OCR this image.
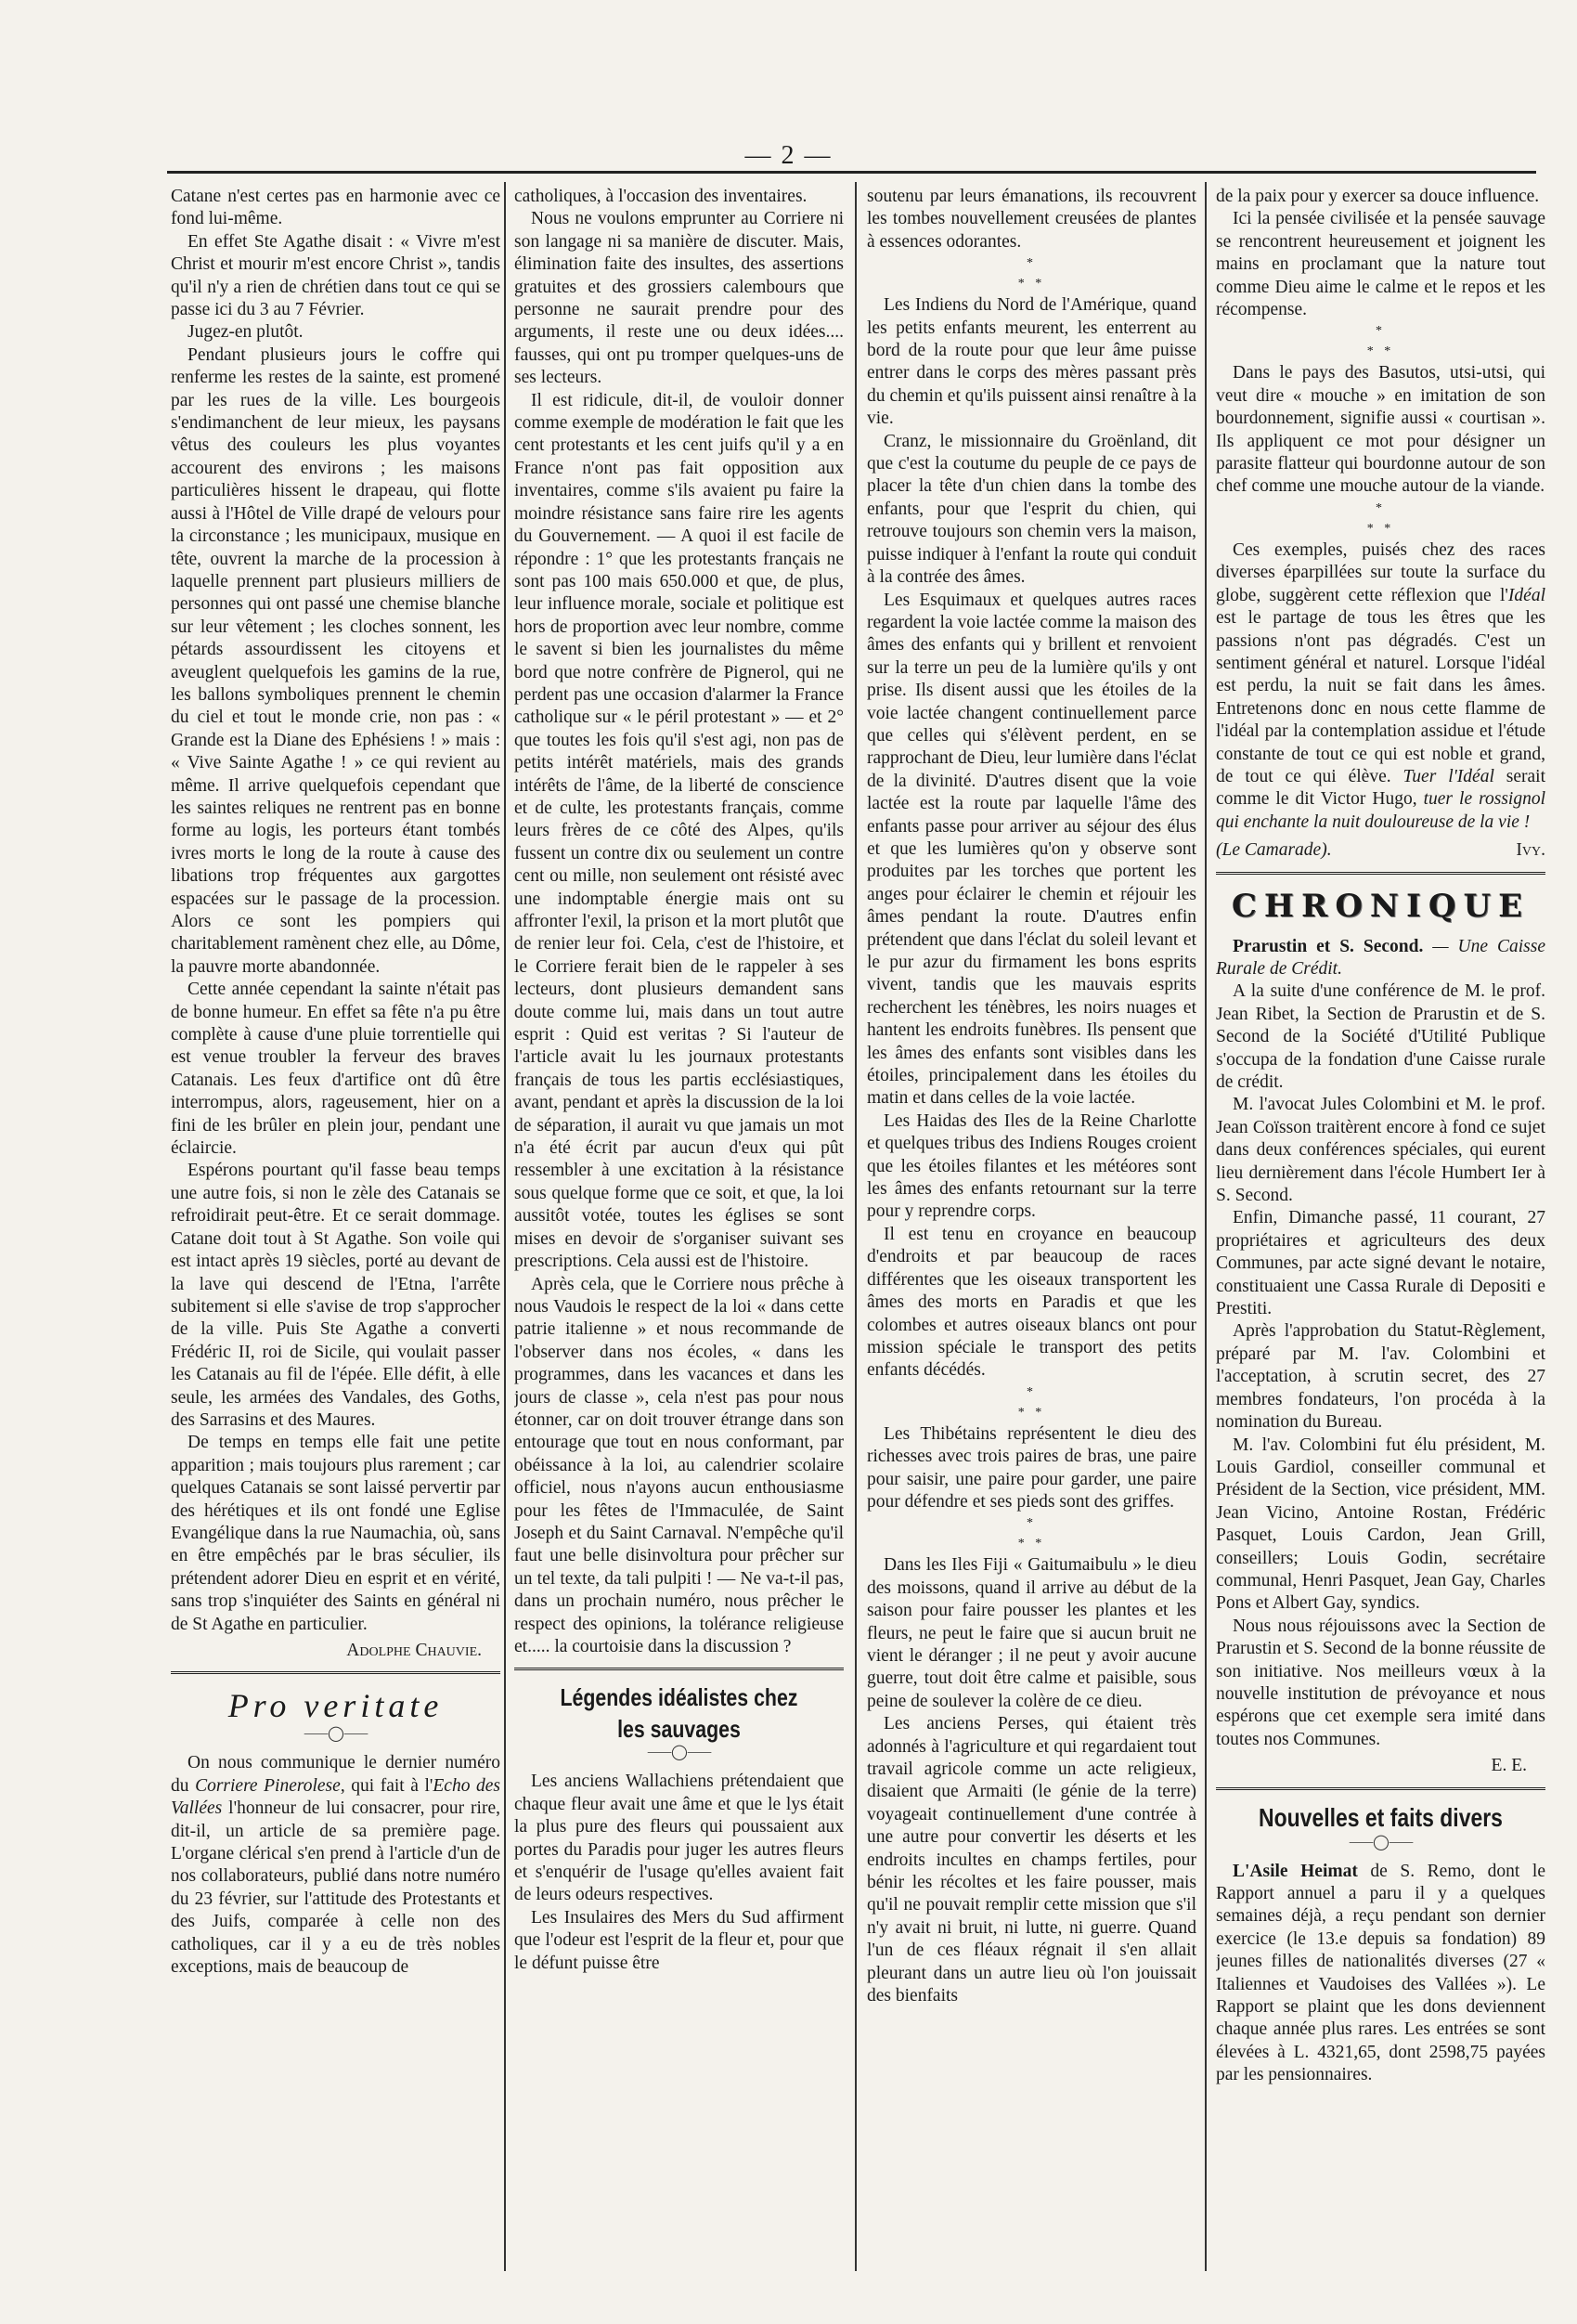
— 2 —

Catane n'est certes pas en harmonie avec ce fond lui-même.

En effet Ste Agathe disait : « Vivre m'est Christ et mourir m'est encore Christ », tandis qu'il n'y a rien de chrétien dans tout ce qui se passe ici du 3 au 7 Février.

Jugez-en plutôt.

Pendant plusieurs jours le coffre qui renferme les restes de la sainte, est promené par les rues de la ville. Les bourgeois s'endimanchent de leur mieux, les paysans vêtus des couleurs les plus voyantes accourent des environs ; les maisons particulières hissent le drapeau, qui flotte aussi à l'Hôtel de Ville drapé de velours pour la circonstance ; les municipaux, musique en tête, ouvrent la marche de la procession à laquelle prennent part plusieurs milliers de personnes qui ont passé une chemise blanche sur leur vêtement ; les cloches sonnent, les pétards assourdissent les citoyens et aveuglent quelquefois les gamins de la rue, les ballons symboliques prennent le chemin du ciel et tout le monde crie, non pas : « Grande est la Diane des Ephésiens ! » mais : « Vive Sainte Agathe ! » ce qui revient au même. Il arrive quelquefois cependant que les saintes reliques ne rentrent pas en bonne forme au logis, les porteurs étant tombés ivres morts le long de la route à cause des libations trop fréquentes aux gargottes espacées sur le passage de la procession. Alors ce sont les pompiers qui charitablement ramènent chez elle, au Dôme, la pauvre morte abandonnée.

Cette année cependant la sainte n'était pas de bonne humeur. En effet sa fête n'a pu être complète à cause d'une pluie torrentielle qui est venue troubler la ferveur des braves Catanais. Les feux d'artifice ont dû être interrompus, alors, rageusement, hier on a fini de les brûler en plein jour, pendant une éclaircie.

Espérons pourtant qu'il fasse beau temps une autre fois, si non le zèle des Catanais se refroidirait peut-être. Et ce serait dommage. Catane doit tout à St Agathe. Son voile qui est intact après 19 siècles, porté au devant de la lave qui descend de l'Etna, l'arrête subitement si elle s'avise de trop s'approcher de la ville. Puis Ste Agathe a converti Frédéric II, roi de Sicile, qui voulait passer les Catanais au fil de l'épée. Elle défit, à elle seule, les armées des Vandales, des Goths, des Sarrasins et des Maures.

De temps en temps elle fait une petite apparition ; mais toujours plus rarement ; car quelques Catanais se sont laissé pervertir par des hérétiques et ils ont fondé une Eglise Evangélique dans la rue Naumachia, où, sans en être empêchés par le bras séculier, ils prétendent adorer Dieu en esprit et en vérité, sans trop s'inquiéter des Saints en général ni de St Agathe en particulier.

Adolphe Chauvie.
Pro veritate
⸺◯⸺

On nous communique le dernier numéro du Corriere Pinerolese, qui fait à l'Echo des Vallées l'honneur de lui consacrer, pour rire, dit-il, un article de sa première page. L'organe clérical s'en prend à l'article d'un de nos collaborateurs, publié dans notre numéro du 23 février, sur l'attitude des Protestants et des Juifs, comparée à celle non des catholiques, car il y a eu de très nobles exceptions, mais de beaucoup de

catholiques, à l'occasion des inventaires.

Nous ne voulons emprunter au Corriere ni son langage ni sa manière de discuter. Mais, élimination faite des insultes, des assertions gratuites et des grossiers calembours que personne ne saurait prendre pour des arguments, il reste une ou deux idées.... fausses, qui ont pu tromper quelques-uns de ses lecteurs.

Il est ridicule, dit-il, de vouloir donner comme exemple de modération le fait que les cent protestants et les cent juifs qu'il y a en France n'ont pas fait opposition aux inventaires, comme s'ils avaient pu faire la moindre résistance sans faire rire les agents du Gouvernement. — A quoi il est facile de répondre : 1° que les protestants français ne sont pas 100 mais 650.000 et que, de plus, leur influence morale, sociale et politique est hors de proportion avec leur nombre, comme le savent si bien les journalistes du même bord que notre confrère de Pignerol, qui ne perdent pas une occasion d'alarmer la France catholique sur « le péril protestant » — et 2° que toutes les fois qu'il s'est agi, non pas de petits intérêt matériels, mais des grands intérêts de l'âme, de la liberté de conscience et de culte, les protestants français, comme leurs frères de ce côté des Alpes, qu'ils fussent un contre dix ou seulement un contre cent ou mille, non seulement ont résisté avec une indomptable énergie mais ont su affronter l'exil, la prison et la mort plutôt que de renier leur foi. Cela, c'est de l'histoire, et le Corriere ferait bien de le rappeler à ses lecteurs, dont plusieurs demandent sans doute comme lui, mais dans un tout autre esprit : Quid est veritas ? Si l'auteur de l'article avait lu les journaux protestants français de tous les partis ecclésiastiques, avant, pendant et après la discussion de la loi de séparation, il aurait vu que jamais un mot n'a été écrit par aucun d'eux qui pût ressembler à une excitation à la résistance sous quelque forme que ce soit, et que, la loi aussitôt votée, toutes les églises se sont mises en devoir de s'organiser suivant ses prescriptions. Cela aussi est de l'histoire.

Après cela, que le Corriere nous prêche à nous Vaudois le respect de la loi « dans cette patrie italienne » et nous recommande de l'observer dans nos écoles, « dans les programmes, dans les vacances et dans les jours de classe », cela n'est pas pour nous étonner, car on doit trouver étrange dans son entourage que tout en nous conformant, par obéissance à la loi, au calendrier scolaire officiel, nous n'ayons aucun enthousiasme pour les fêtes de l'Immaculée, de Saint Joseph et du Saint Carnaval. N'empêche qu'il faut une belle disinvoltura pour prêcher sur un tel texte, da tali pulpiti ! — Ne va-t-il pas, dans un prochain numéro, nous prêcher le respect des opinions, la tolérance religieuse et..... la courtoisie dans la discussion ?

Légendes idéalistes chez les sauvages
⸺◯⸺

Les anciens Wallachiens prétendaient que chaque fleur avait une âme et que le lys était la plus pure des fleurs qui poussaient aux portes du Paradis pour juger les autres fleurs et s'enquérir de l'usage qu'elles avaient fait de leurs odeurs respectives.

Les Insulaires des Mers du Sud affirment que l'odeur est l'esprit de la fleur et, pour que le défunt puisse être

soutenu par leurs émanations, ils recouvrent les tombes nouvellement creusées de plantes à essences odorantes.

*
* *

Les Indiens du Nord de l'Amérique, quand les petits enfants meurent, les enterrent au bord de la route pour que leur âme puisse entrer dans le corps des mères passant près du chemin et qu'ils puissent ainsi renaître à la vie.

Cranz, le missionnaire du Groënland, dit que c'est la coutume du peuple de ce pays de placer la tête d'un chien dans la tombe des enfants, pour que l'esprit du chien, qui retrouve toujours son chemin vers la maison, puisse indiquer à l'enfant la route qui conduit à la contrée des âmes.

Les Esquimaux et quelques autres races regardent la voie lactée comme la maison des âmes des enfants qui y brillent et renvoient sur la terre un peu de la lumière qu'ils y ont prise. Ils disent aussi que les étoiles de la voie lactée changent continuellement parce que celles qui s'élèvent perdent, en se rapprochant de Dieu, leur lumière dans l'éclat de la divinité. D'autres disent que la voie lactée est la route par laquelle l'âme des enfants passe pour arriver au séjour des élus et que les lumières qu'on y observe sont produites par les torches que portent les anges pour éclairer le chemin et réjouir les âmes pendant la route. D'autres enfin prétendent que dans l'éclat du soleil levant et le pur azur du firmament les bons esprits vivent, tandis que les mauvais esprits recherchent les ténèbres, les noirs nuages et hantent les endroits funèbres. Ils pensent que les âmes des enfants sont visibles dans les étoiles, principalement dans les étoiles du matin et dans celles de la voie lactée.

Les Haidas des Iles de la Reine Charlotte et quelques tribus des Indiens Rouges croient que les étoiles filantes et les météores sont les âmes des enfants retournant sur la terre pour y reprendre corps.

Il est tenu en croyance en beaucoup d'endroits et par beaucoup de races différentes que les oiseaux transportent les âmes des morts en Paradis et que les colombes et autres oiseaux blancs ont pour mission spéciale le transport des petits enfants décédés.

*
* *

Les Thibétains représentent le dieu des richesses avec trois paires de bras, une paire pour saisir, une paire pour garder, une paire pour défendre et ses pieds sont des griffes.

*
* *

Dans les Iles Fiji « Gaitumaibulu » le dieu des moissons, quand il arrive au début de la saison pour faire pousser les plantes et les fleurs, ne peut le faire que si aucun bruit ne vient le déranger ; il ne peut y avoir aucune guerre, tout doit être calme et paisible, sous peine de soulever la colère de ce dieu.

Les anciens Perses, qui étaient très adonnés à l'agriculture et qui regardaient tout travail agricole comme un acte religieux, disaient que Armaiti (le génie de la terre) voyageait continuellement d'une contrée à une autre pour convertir les déserts et les endroits incultes en champs fertiles, pour bénir les récoltes et les faire pousser, mais qu'il ne pouvait remplir cette mission que s'il n'y avait ni bruit, ni lutte, ni guerre. Quand l'un de ces fléaux régnait il s'en allait pleurant dans un autre lieu où l'on jouissait des bienfaits

de la paix pour y exercer sa douce influence.

Ici la pensée civilisée et la pensée sauvage se rencontrent heureusement et joignent les mains en proclamant que la nature tout comme Dieu aime le calme et le repos et les récompense.

*
* *

Dans le pays des Basutos, utsi-utsi, qui veut dire « mouche » en imitation de son bourdonnement, signifie aussi « courtisan ». Ils appliquent ce mot pour désigner un parasite flatteur qui bourdonne autour de son chef comme une mouche autour de la viande.

*
* *

Ces exemples, puisés chez des races diverses éparpillées sur toute la surface du globe, suggèrent cette réflexion que l'Idéal est le partage de tous les êtres que les passions n'ont pas dégradés. C'est un sentiment général et naturel. Lorsque l'idéal est perdu, la nuit se fait dans les âmes. Entretenons donc en nous cette flamme de l'idéal par la contemplation assidue et l'étude constante de tout ce qui est noble et grand, de tout ce qui élève. Tuer l'Idéal serait comme le dit Victor Hugo, tuer le rossignol qui enchante la nuit douloureuse de la vie !

(Le Camarade).	Ivy.
CHRONIQUE

Prarustin et S. Second. — Une Caisse Rurale de Crédit.

A la suite d'une conférence de M. le prof. Jean Ribet, la Section de Prarustin et de S. Second de la Société d'Utilité Publique s'occupa de la fondation d'une Caisse rurale de crédit.

M. l'avocat Jules Colombini et M. le prof. Jean Coïsson traitèrent encore à fond ce sujet dans deux conférences spéciales, qui eurent lieu dernièrement dans l'école Humbert Ier à S. Second.

Enfin, Dimanche passé, 11 courant, 27 propriétaires et agriculteurs des deux Communes, par acte signé devant le notaire, constituaient une Cassa Rurale di Depositi e Prestiti.

Après l'approbation du Statut-Règlement, préparé par M. l'av. Colombini et l'acceptation, à scrutin secret, des 27 membres fondateurs, l'on procéda à la nomination du Bureau.

M. l'av. Colombini fut élu président, M. Louis Gardiol, conseiller communal et Président de la Section, vice président, MM. Jean Vicino, Antoine Rostan, Frédéric Pasquet, Louis Cardon, Jean Grill, conseillers; Louis Godin, secrétaire communal, Henri Pasquet, Jean Gay, Charles Pons et Albert Gay, syndics.

Nous nous réjouissons avec la Section de Prarustin et S. Second de la bonne réussite de son initiative. Nos meilleurs vœux à la nouvelle institution de prévoyance et nous espérons que cet exemple sera imité dans toutes nos Communes.

E. E.
Nouvelles et faits divers
⸺◯⸺

L'Asile Heimat de S. Remo, dont le Rapport annuel a paru il y a quelques semaines déjà, a reçu pendant son dernier exercice (le 13.e depuis sa fondation) 89 jeunes filles de nationalités diverses (27 « Italiennes et Vaudoises des Vallées »). Le Rapport se plaint que les dons deviennent chaque année plus rares. Les entrées se sont élevées à L. 4321,65, dont 2598,75 payées par les pensionnaires.
